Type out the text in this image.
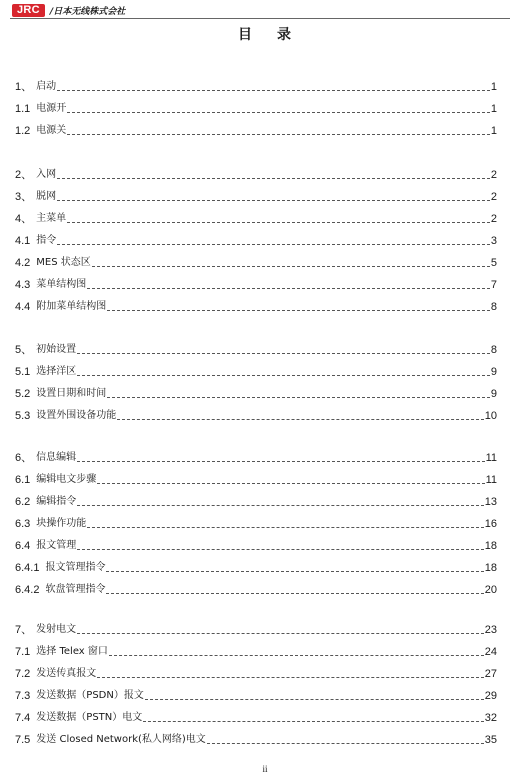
JRC	/日本无线株式会社
目 录
1、 启动	1
1.1 电源开	1
1.2 电源关	1
2、 入网	2
3、 脱网	2
4、 主菜单	2
4.1 指令	3
4.2 MES 状态区	5
4.3 菜单结构图	7
4.4 附加菜单结构图	8
5、 初始设置	8
5.1 选择洋区	9
5.2 设置日期和时间	9
5.3 设置外围设备功能	10
6、 信息编辑	11
6.1 编辑电文步骤	11
6.2 编辑指令	13
6.3 块操作功能	16
6.4 报文管理	18
6.4.1 报文管理指令	18
6.4.2 软盘管理指令	20
7、 发射电文	23
7.1 选择 Telex 窗口	24
7.2 发送传真报文	27
7.3 发送数据（PSDN）报文	29
7.4 发送数据（PSTN）电文	32
7.5 发送 Closed Network(私人网络)电文	35
ii
